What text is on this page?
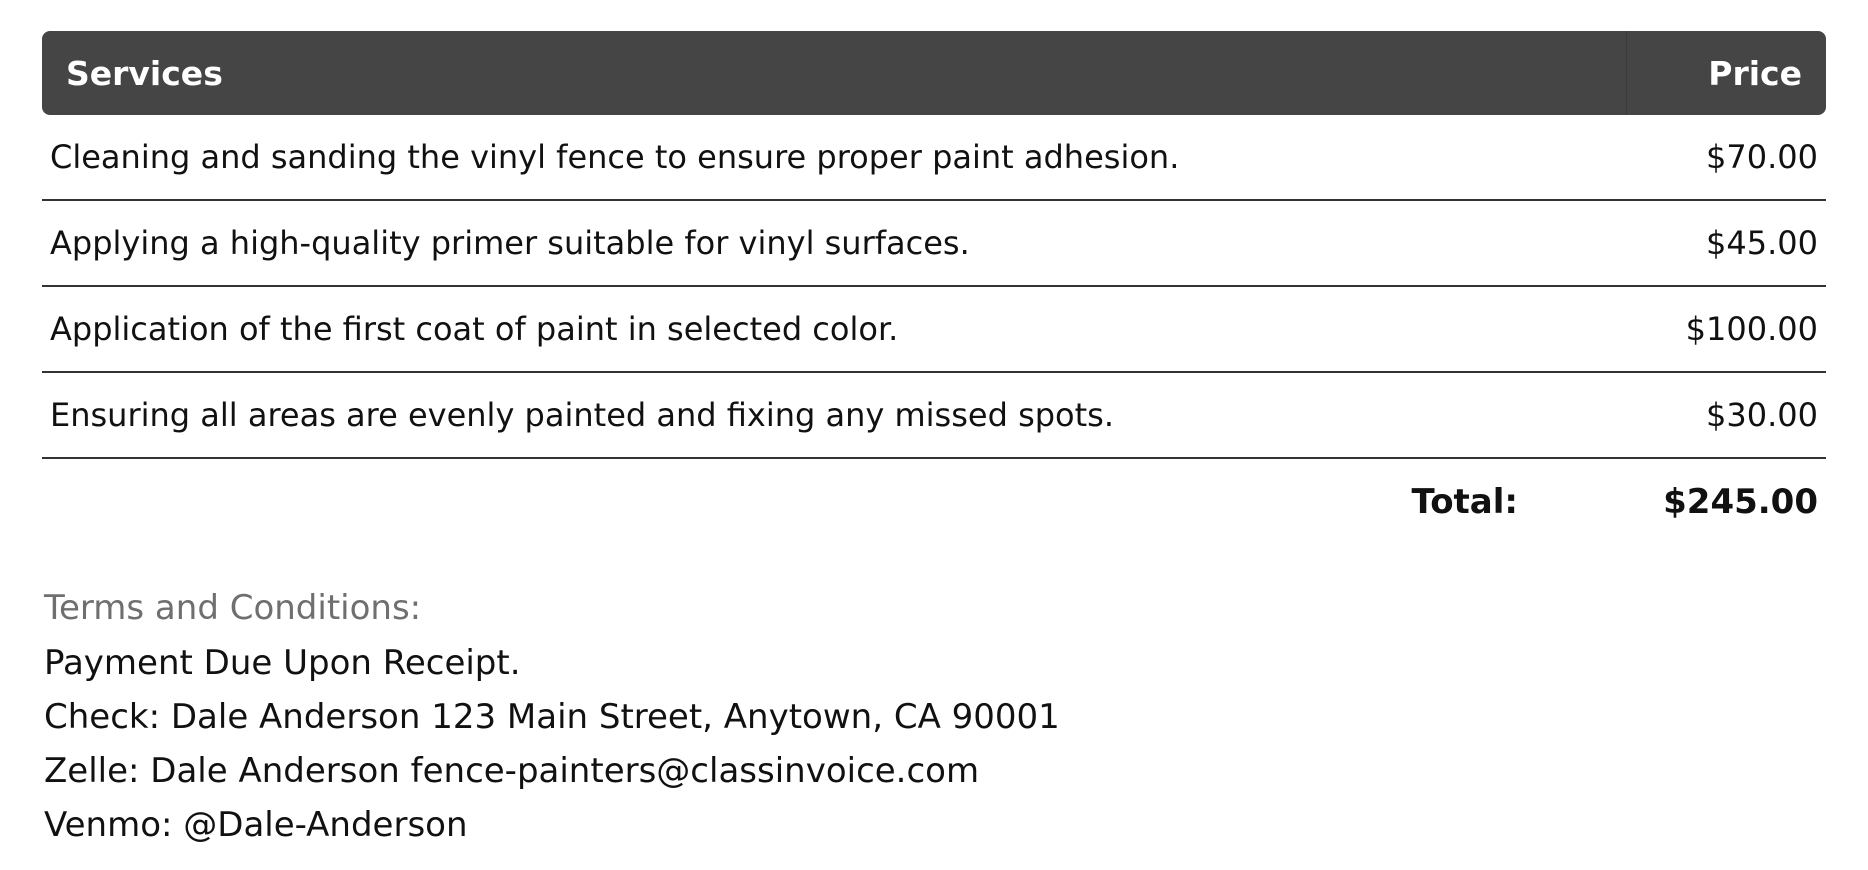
Services	Price
Cleaning and sanding the vinyl fence to ensure proper paint adhesion.	$70.00
Applying a high-quality primer suitable for vinyl surfaces.	$45.00
Application of the first coat of paint in selected color.	$100.00
Ensuring all areas are evenly painted and fixing any missed spots.	$30.00
Total:	$245.00
Terms and Conditions:
Payment Due Upon Receipt.
Check: Dale Anderson 123 Main Street, Anytown, CA 90001
Zelle: Dale Anderson fence-painters@classinvoice.com
Venmo: @Dale-Anderson
